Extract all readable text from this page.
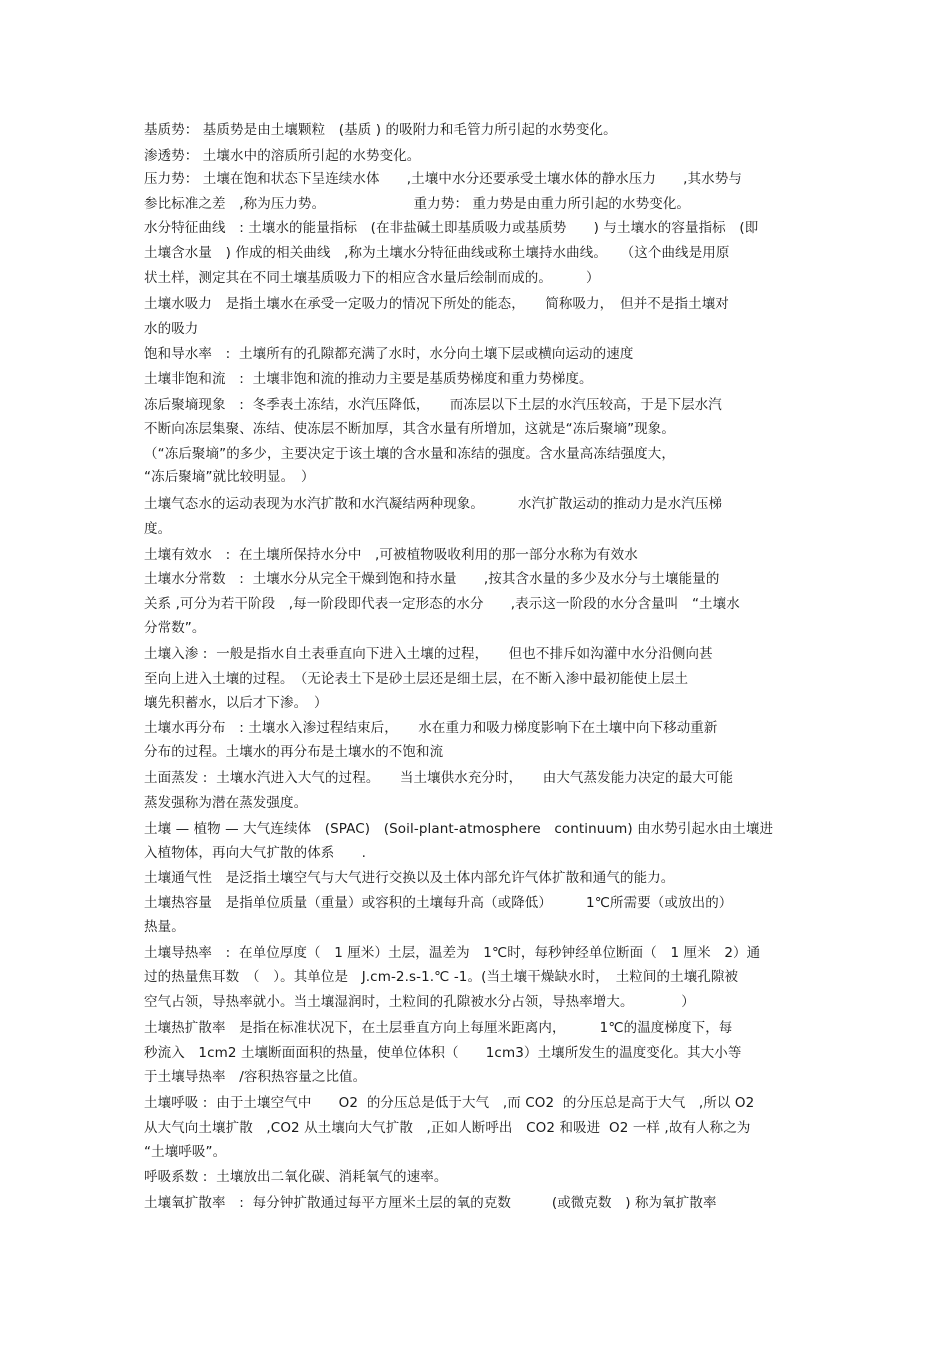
基质势： 基质势是由土壤颗粒　(基质 ) 的吸附力和毛管力所引起的水势变化。
渗透势： 土壤水中的溶质所引起的水势变化。
压力势： 土壤在饱和状态下呈连续水体　　,土壤中水分还要承受土壤水体的静水压力　　,其水势与
参比标准之差　,称为压力势。　　　　　　　重力势： 重力势是由重力所引起的水势变化。
水分特征曲线　: 土壤水的能量指标　(在非盐碱土即基质吸力或基质势　　) 与土壤水的容量指标　(即
土壤含水量　) 作成的相关曲线　,称为土壤水分特征曲线或称土壤持水曲线。　　（这个曲线是用原
状土样，测定其在不同土壤基质吸力下的相应含水量后绘制而成的。　　　）
土壤水吸力　是指土壤水在承受一定吸力的情况下所处的能态，　　简称吸力，　但并不是指土壤对
水的吸力
饱和导水率　:  土壤所有的孔隙都充满了水时，水分向土壤下层或横向运动的速度
土壤非饱和流　:  土壤非饱和流的推动力主要是基质势梯度和重力势梯度。
冻后聚墒现象　:  冬季表土冻结，水汽压降低，　　而冻层以下土层的水汽压较高，于是下层水汽
不断向冻层集聚、冻结、使冻层不断加厚，其含水量有所增加，这就是“冻后聚墒”现象。
（“冻后聚墒”的多少，主要决定于该土壤的含水量和冻结的强度。含水量高冻结强度大，
“冻后聚墒”就比较明显。　）
土壤气态水的运动表现为水汽扩散和水汽凝结两种现象。　　　水汽扩散运动的推动力是水汽压梯
度。
土壤有效水　:  在土壤所保持水分中　,可被植物吸收利用的那一部分水称为有效水
土壤水分常数　:  土壤水分从完全干燥到饱和持水量　　,按其含水量的多少及水分与土壤能量的
关系 ,可分为若干阶段　,每一阶段即代表一定形态的水分　　,表示这一阶段的水分含量叫　“土壤水
分常数”。
土壤入渗 :  一般是指水自土表垂直向下进入土壤的过程，　　但也不排斥如沟灌中水分沿侧向甚
至向上进入土壤的过程。　（无论表土下是砂土层还是细土层，在不断入渗中最初能使上层土
壤先积蓄水，以后才下渗。　）
土壤水再分布　: 土壤水入渗过程结束后，　　水在重力和吸力梯度影响下在土壤中向下移动重新
分布的过程。土壤水的再分布是土壤水的不饱和流
土面蒸发 :  土壤水汽进入大气的过程。　　当土壤供水充分时，　　由大气蒸发能力决定的最大可能
蒸发强称为潜在蒸发强度。
土壤 — 植物 — 大气连续体　(SPAC)　(Soil-plant-atmosphere　continuum) 由水势引起水由土壤进
入植物体，再向大气扩散的体系　　.
土壤通气性　是泛指土壤空气与大气进行交换以及土体内部允许气体扩散和通气的能力。
土壤热容量　是指单位质量（重量）或容积的土壤每升高（或降低）　　　1℃所需要（或放出的）
热量。
土壤导热率　:  在单位厚度（　1 厘米）土层，温差为　1℃时，每秒钟经单位断面（　1 厘米　2）通
过的热量焦耳数　（　）。其单位是　J.cm-2.s-1.℃ -1。(当土壤干燥缺水时，　土粒间的土壤孔隙被
空气占领，导热率就小。当土壤湿润时，土粒间的孔隙被水分占领，导热率增大。　　　　）
土壤热扩散率　是指在标准状况下，在土层垂直方向上每厘米距离内，　　　1℃的温度梯度下，每
秒流入　1cm2 土壤断面面积的热量，使单位体积（　　1cm3）土壤所发生的温度变化。其大小等
于土壤导热率　/容积热容量之比值。
土壤呼吸 :  由于土壤空气中　　O2  的分压总是低于大气　,而 CO2  的分压总是高于大气　,所以 O2
从大气向土壤扩散　,CO2 从土壤向大气扩散　,正如人断呼出　CO2 和吸进  O2 一样 ,故有人称之为
“土壤呼吸”。
呼吸系数 :  土壤放出二氧化碳、消耗氧气的速率。
土壤氧扩散率　:  每分钟扩散通过每平方厘米土层的氧的克数　　　(或微克数　) 称为氧扩散率
